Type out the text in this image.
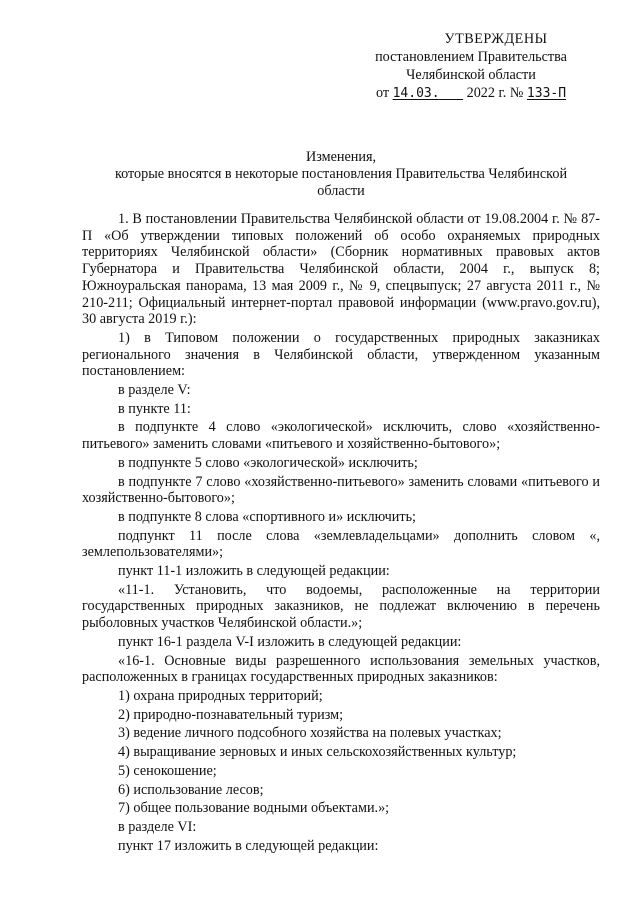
УТВЕРЖДЕНЫ
постановлением Правительства
Челябинской области
от 14.03. 2022 г. № 133-П
Изменения,
которые вносятся в некоторые постановления Правительства Челябинской
области

1. В постановлении Правительства Челябинской области от 19.08.2004 г. № 87-П «Об утверждении типовых положений об особо охраняемых природных территориях Челябинской области» (Сборник нормативных правовых актов Губернатора и Правительства Челябинской области, 2004 г., выпуск 8; Южноуральская панорама, 13 мая 2009 г., № 9, спецвыпуск; 27 августа 2011 г., № 210-211; Официальный интернет-портал правовой информации (www.pravo.gov.ru), 30 августа 2019 г.):

1) в Типовом положении о государственных природных заказниках регионального значения в Челябинской области, утвержденном указанным постановлением:

в разделе V:

в пункте 11:

в подпункте 4 слово «экологической» исключить, слово «хозяйственно-питьевого» заменить словами «питьевого и хозяйственно-бытового»;

в подпункте 5 слово «экологической» исключить;

в подпункте 7 слово «хозяйственно-питьевого» заменить словами «питьевого и хозяйственно-бытового»;

в подпункте 8 слова «спортивного и» исключить;

подпункт 11 после слова «землевладельцами» дополнить словом «, землепользователями»;

пункт 11-1 изложить в следующей редакции:

«11-1. Установить, что водоемы, расположенные на территории государственных природных заказников, не подлежат включению в перечень рыболовных участков Челябинской области.»;

пункт 16-1 раздела V-I изложить в следующей редакции:

«16-1. Основные виды разрешенного использования земельных участков, расположенных в границах государственных природных заказников:

1) охрана природных территорий;

2) природно-познавательный туризм;

3) ведение личного подсобного хозяйства на полевых участках;

4) выращивание зерновых и иных сельскохозяйственных культур;

5) сенокошение;

6) использование лесов;

7) общее пользование водными объектами.»;

в разделе VI:

пункт 17 изложить в следующей редакции:
